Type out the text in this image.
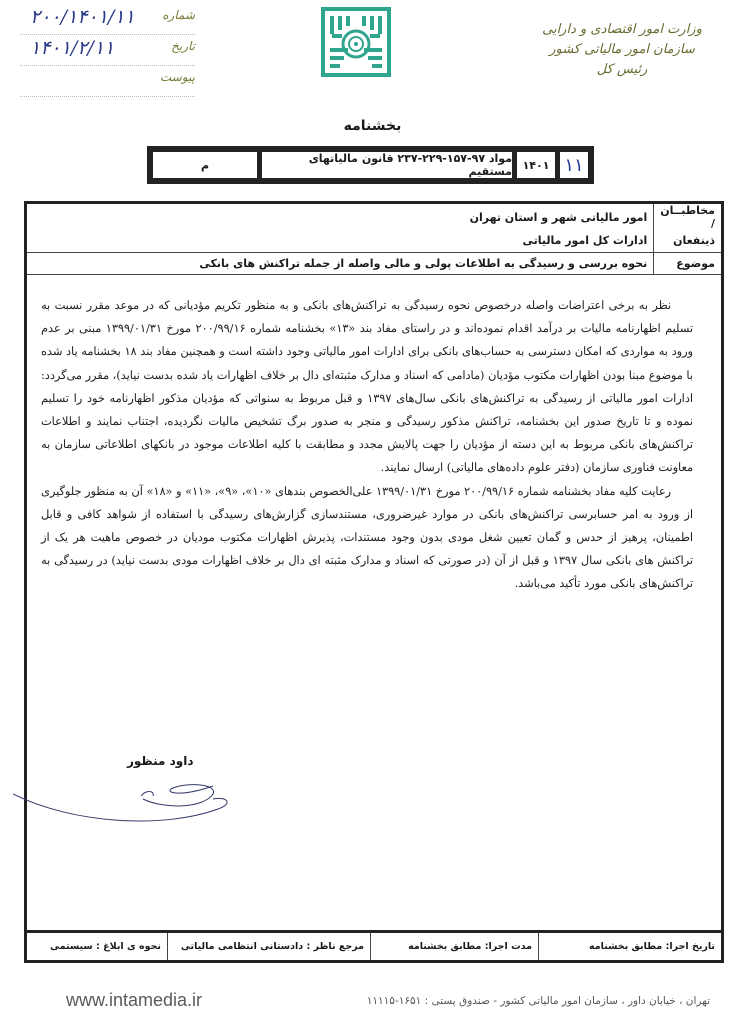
شماره
۲۰۰/۱۴۰۱/۱۱
تاریخ
۱۴۰۱/۲/۱۱
پیوست
وزارت امور اقتصادی و دارایی
سازمان امور مالیاتی کشور
رئیس کل
بخشنامه
۱۱
۱۴۰۱
مواد ۹۷-۱۵۷-۲۲۹-۲۳۷ قانون مالیاتهای مستقیم
م
مخاطبــان /	امور مالیاتی شهر و استان تهران
ذینفعان	ادارات کل امور مالیاتی
موضوع	نحوه بررسی و رسیدگی به اطلاعات پولی و مالی واصله از جمله تراکنش های بانکی

نظر به برخی اعتراضات واصله درخصوص نحوه رسیدگی به تراکنش‌های بانکی و به منظور تکریم مؤدیانی که در موعد مقرر نسبت به تسلیم اظهارنامه مالیات بر درآمد اقدام نموده‌اند و در راستای مفاد بند «۱۳» بخشنامه شماره ۲۰۰/۹۹/۱۶ مورخ ۱۳۹۹/۰۱/۳۱ مبنی بر عدم ورود به مواردی که امکان دسترسی به حساب‌های بانکی برای ادارات امور مالیاتی وجود داشته است و همچنین مفاد بند ۱۸ بخشنامه یاد شده با موضوع مبنا بودن اظهارات مکتوب مؤدیان (مادامی که اسناد و مدارک مثبته‌ای دال بر خلاف اظهارات یاد شده بدست نیاید)، مقرر می‌گردد: ادارات امور مالیاتی از رسیدگی به تراکنش‌های بانکی سال‌های ۱۳۹۷ و قبل مربوط به سنواتی که مؤدیان مذکور اظهارنامه خود را تسلیم نموده و تا تاریخ صدور این بخشنامه، تراکنش مذکور رسیدگی و منجر به صدور برگ تشخیص مالیات نگردیده، اجتناب نمایند و اطلاعات تراکنش‌های بانکی مربوط به این دسته از مؤدیان را جهت پالایش مجدد و مطابقت با کلیه اطلاعات موجود در بانکهای اطلاعاتی سازمان به معاونت فناوری سازمان (دفتر علوم داده‌های مالیاتی) ارسال نمایند.

رعایت کلیه مفاد بخشنامه شماره ۲۰۰/۹۹/۱۶ مورخ ۱۳۹۹/۰۱/۳۱ علی‌الخصوص بندهای «۱۰»، «۹»، «۱۱» و «۱۸» آن به منظور جلوگیری از ورود به امر حسابرسی تراکنش‌های بانکی در موارد غیرضروری، مستندسازی گزارش‌های رسیدگی با استفاده از شواهد کافی و قابل اطمینان، پرهیز از حدس و گمان تعیین شغل مودی بدون وجود مستندات، پذیرش اظهارات مکتوب مودیان در خصوص ماهیت هر یک از تراکنش های بانکی سال ۱۳۹۷ و قبل از آن (در صورتی که اسناد و مدارک مثبته ای دال بر خلاف اظهارات مودی بدست نیاید) در رسیدگی به تراکنش‌های بانکی مورد تأکید می‌باشد.

داود منظور
تاریخ اجرا: مطابق بخشنامه	مدت اجرا: مطابق بخشنامه	مرجع ناظر : دادستانی انتظامی مالیاتی	نحوه ی ابلاغ : سیستمی
تهران ، خیابان داور ، سازمان امور مالیاتی کشور - صندوق پستی : ۱۶۵۱-۱۱۱۱۵
www.intamedia.ir
